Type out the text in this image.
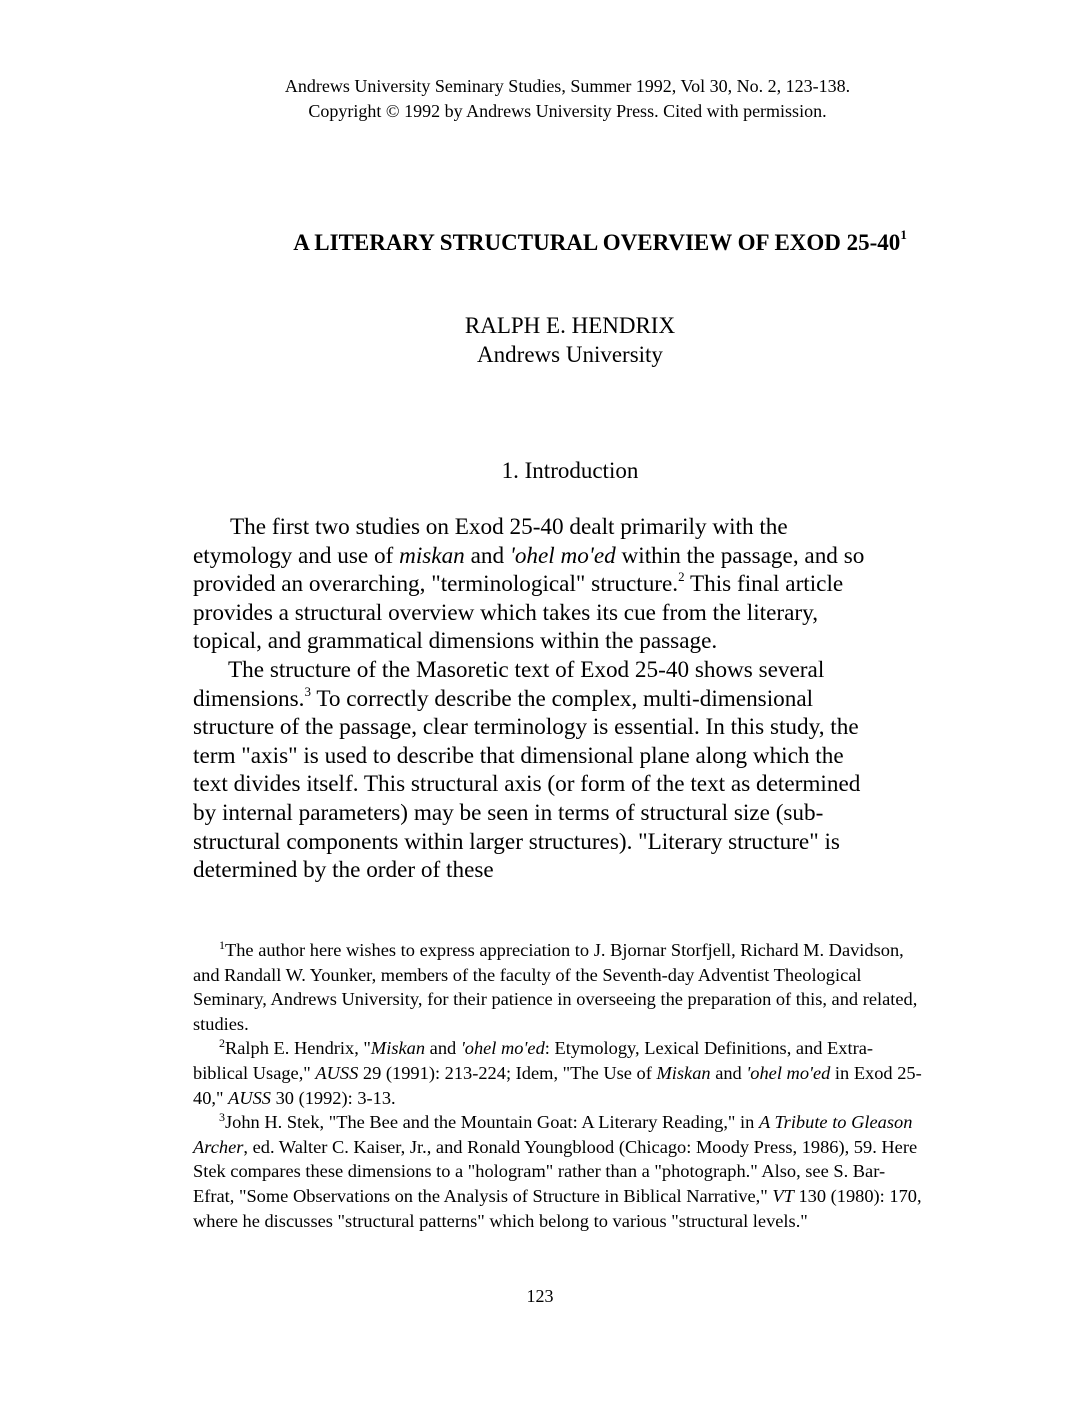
Andrews University Seminary Studies, Summer 1992, Vol 30, No. 2, 123-138.
Copyright © 1992 by Andrews University Press. Cited with permission.
A LITERARY STRUCTURAL OVERVIEW OF EXOD $25-40^1$
RALPH E. HENDRIX
Andrews University
1. Introduction

The first two studies on Exod 25-40 dealt primarily with the etymology and use of miskan and 'ohel mo'ed within the passage, and so provided an overarching, "terminological" structure.$^2$ This final article provides a structural overview which takes its cue from the literary, topical, and grammatical dimensions within the passage.

The structure of the Masoretic text of Exod 25-40 shows several dimensions.$^3$ To correctly describe the complex, multi-dimensional structure of the passage, clear terminology is essential. In this study, the term "axis" is used to describe that dimensional plane along which the text divides itself. This structural axis (or form of the text as determined by internal parameters) may be seen in terms of structural size (sub-structural components within larger structures). "Literary structure" is determined by the order of these

$^1$The author here wishes to express appreciation to J. Bjornar Storfjell, Richard M. Davidson, and Randall W. Younker, members of the faculty of the Seventh-day Adventist Theological Seminary, Andrews University, for their patience in overseeing the preparation of this, and related, studies.

$^2$Ralph E. Hendrix, "Miskan and 'ohel mo'ed: Etymology, Lexical Definitions, and Extra-biblical Usage," AUSS 29 (1991): 213-224; Idem, "The Use of Miskan and 'ohel mo'ed in Exod 25-40," AUSS 30 (1992): 3-13.

$^3$John H. Stek, "The Bee and the Mountain Goat: A Literary Reading," in A Tribute to Gleason Archer, ed. Walter C. Kaiser, Jr., and Ronald Youngblood (Chicago: Moody Press, 1986), 59. Here Stek compares these dimensions to a "hologram" rather than a "photograph." Also, see S. Bar-Efrat, "Some Observations on the Analysis of Structure in Biblical Narrative," VT 130 (1980): 170, where he discusses "structural patterns" which belong to various "structural levels."

123
